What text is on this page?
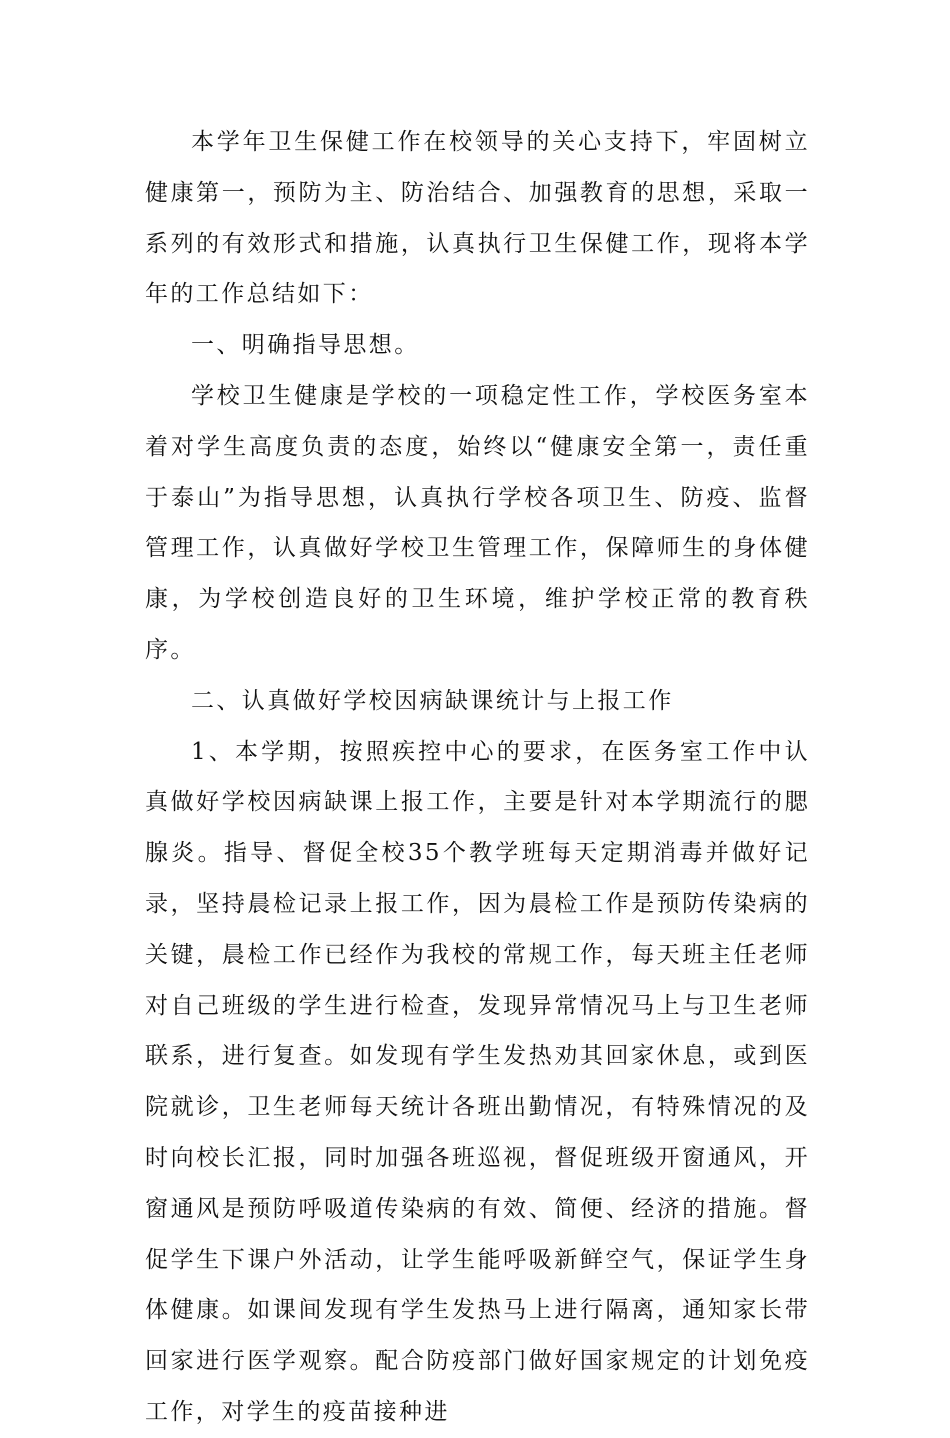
本学年卫生保健工作在校领导的关心支持下，牢固树立健康第一，预防为主、防治结合、加强教育的思想，采取一系列的有效形式和措施，认真执行卫生保健工作，现将本学年的工作总结如下：

一、明确指导思想。

学校卫生健康是学校的一项稳定性工作，学校医务室本着对学生高度负责的态度，始终以“健康安全第一，责任重于泰山”为指导思想，认真执行学校各项卫生、防疫、监督管理工作，认真做好学校卫生管理工作，保障师生的身体健康，为学校创造良好的卫生环境，维护学校正常的教育秩序。

二、认真做好学校因病缺课统计与上报工作

1、本学期，按照疾控中心的要求，在医务室工作中认真做好学校因病缺课上报工作，主要是针对本学期流行的腮腺炎。指导、督促全校35个教学班每天定期消毒并做好记录，坚持晨检记录上报工作，因为晨检工作是预防传染病的关键，晨检工作已经作为我校的常规工作，每天班主任老师对自己班级的学生进行检查，发现异常情况马上与卫生老师联系，进行复查。如发现有学生发热劝其回家休息，或到医院就诊，卫生老师每天统计各班出勤情况，有特殊情况的及时向校长汇报，同时加强各班巡视，督促班级开窗通风，开窗通风是预防呼吸道传染病的有效、简便、经济的措施。督促学生下课户外活动，让学生能呼吸新鲜空气，保证学生身体健康。如课间发现有学生发热马上进行隔离，通知家长带回家进行医学观察。配合防疫部门做好国家规定的计划免疫工作，对学生的疫苗接种进
